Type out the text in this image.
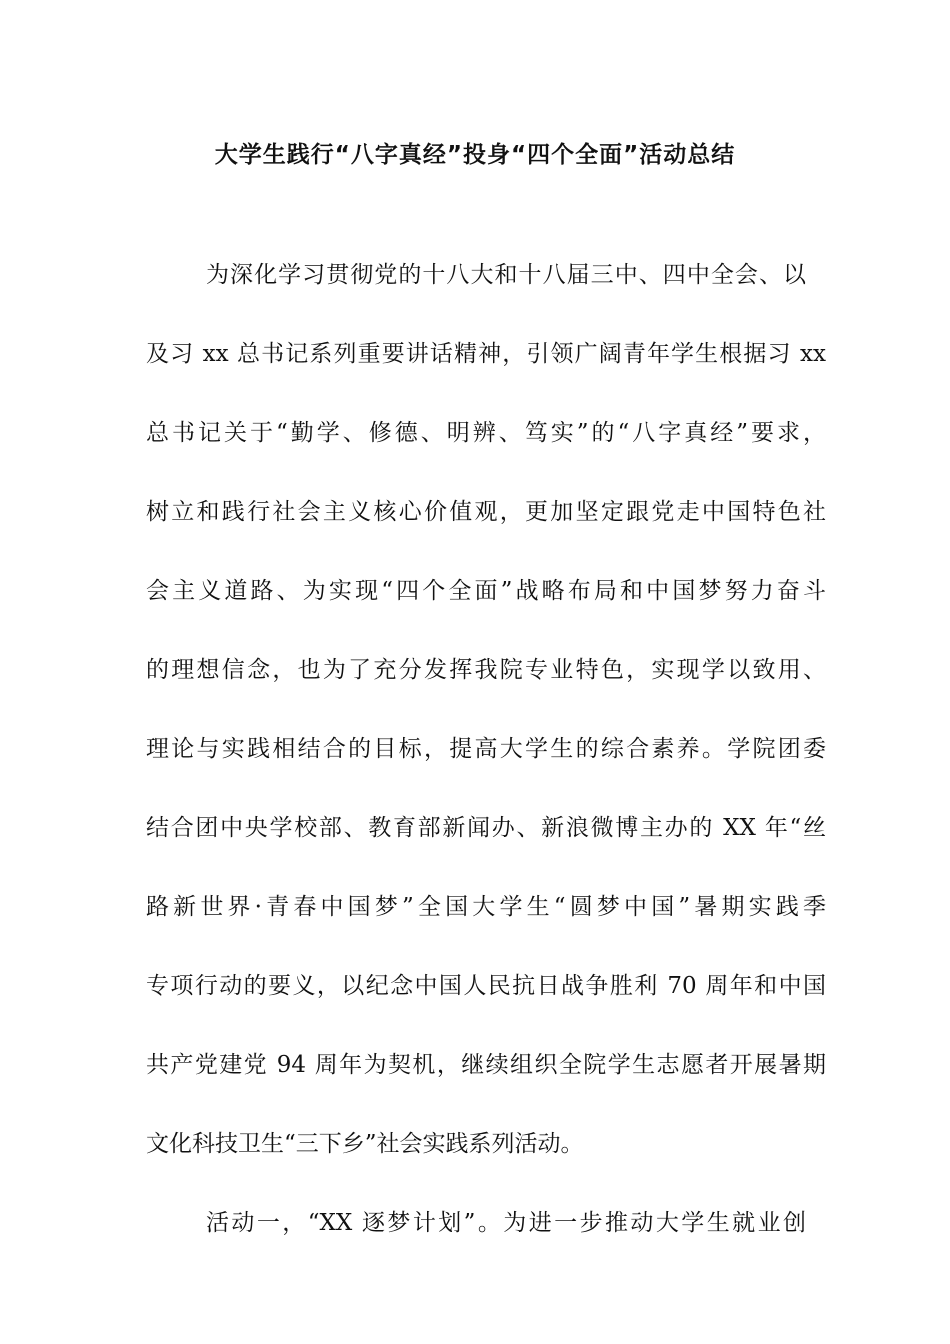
大学生践行“八字真经”投身“四个全面”活动总结
为深化学习贯彻党的十八大和十八届三中、四中全会、以
及习 xx 总书记系列重要讲话精神，引领广阔青年学生根据习 xx
总书记关于“勤学、修德、明辨、笃实”的“八字真经”要求，
树立和践行社会主义核心价值观，更加坚定跟党走中国特色社
会主义道路、为实现“四个全面”战略布局和中国梦努力奋斗
的理想信念，也为了充分发挥我院专业特色，实现学以致用、
理论与实践相结合的目标，提高大学生的综合素养。学院团委
结合团中央学校部、教育部新闻办、新浪微博主办的 XX 年“丝
路新世界·青春中国梦”全国大学生“圆梦中国”暑期实践季
专项行动的要义，以纪念中国人民抗日战争胜利 70 周年和中国
共产党建党 94 周年为契机，继续组织全院学生志愿者开展暑期
文化科技卫生“三下乡”社会实践系列活动。
活动一，“XX 逐梦计划”。为进一步推动大学生就业创
